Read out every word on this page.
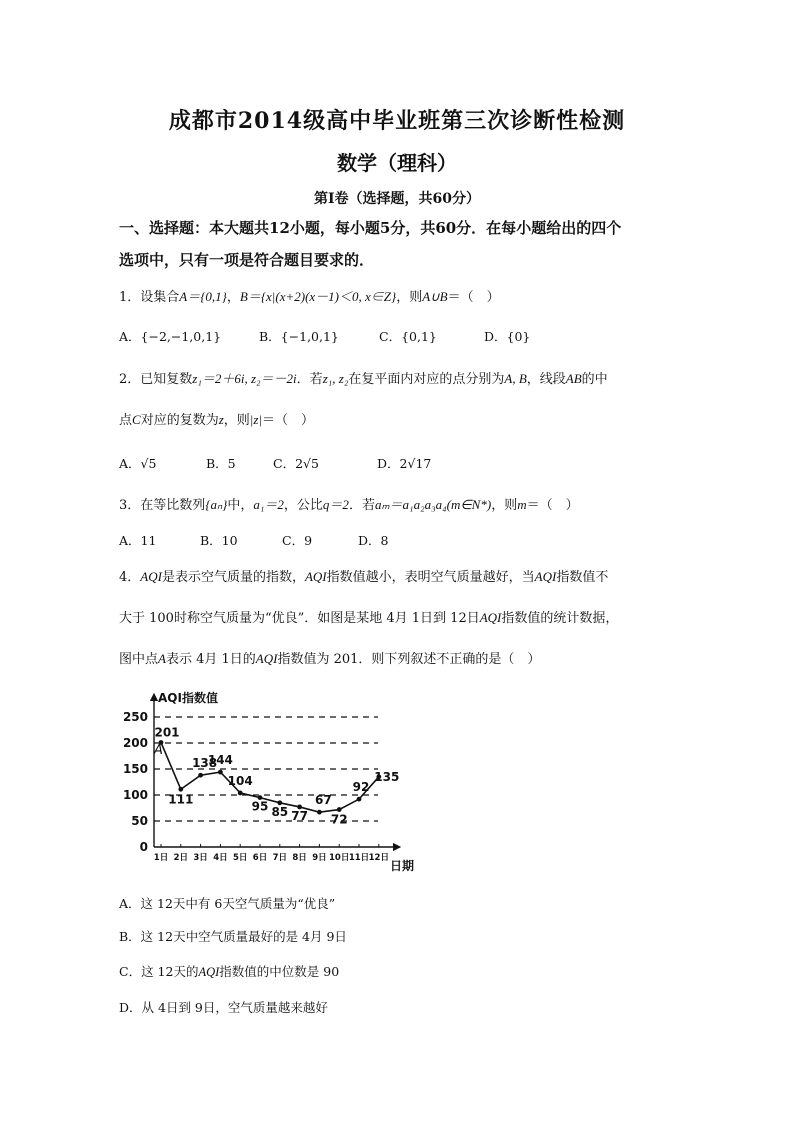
成都市2014级高中毕业班第三次诊断性检测
数学（理科）
第Ⅰ卷（选择题，共60分）
一、选择题：本大题共12小题，每小题5分，共60分．在每小题给出的四个
选项中，只有一项是符合题目要求的．
1．设集合A＝{0,1}，B＝{x|(x+2)(x－1)＜0, x∈Z}，则A∪B＝（　）
A．{−2,−1,0,1}	B．{−1,0,1}	C．{0,1}	D．{0}
2．已知复数z₁＝2＋6i, z₂＝－2i．若z₁, z₂在复平面内对应的点分别为A, B，线段AB的中
点C对应的复数为z，则|z|＝（　）
A．√5	B．5	C．2√5	D．2√17
3．在等比数列{aₙ}中，a₁＝2，公比q＝2．若aₘ＝a₁a₂a₃a₄(m∈N*)，则m＝（　）
A．11	B．10	C．9	D．8
4．AQI是表示空气质量的指数，AQI指数值越小，表明空气质量越好，当AQI指数值不
大于 100时称空气质量为“优良”．如图是某地 4月 1日到 12日AQI指数值的统计数据，
图中点A表示 4月 1日的AQI指数值为 201．则下列叙述不正确的是（　）
0
50
100
150
200
250
1日 2日 3日 4日 5日 6日 7日 8日 9日 10日 11日 12日
201
111
138
144
104
95 85 77
67
72
92
135
AQI指数值
日期
A
A．这 12天中有 6天空气质量为“优良”
B．这 12天中空气质量最好的是 4月 9日
C．这 12天的AQI指数值的中位数是 90
D．从 4日到 9日，空气质量越来越好
